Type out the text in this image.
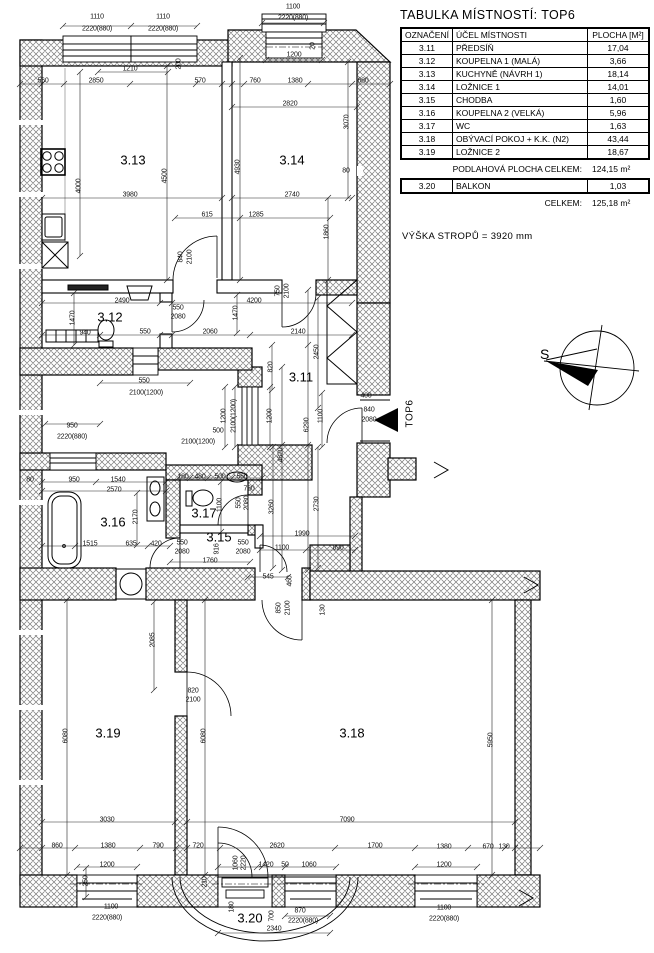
1110
2220(880)
1110
2220(880)
1100
2220(880)
1200
560	2850
1210
570	760	1380	680
2820
200
20
4000
4500
4930
3070
1860
80
3980	2740
615	1285
840 2100
750 2100
2490	4200
1470	1470
940	550
550
2080
2060	2140
2450
820
550
2100(1200)
1200 2100(1200)
500
2100(1200)
1200
6290
1100
4820
400
840
2080
950
2220(880)
80	950	1540
2570
180 480 500 560
760
1100
2170
550 2080
1515	635 420 550
2080	916
550
2080
1760
1990
1100	890
3260	2730
545 460
850 2100	130
2085
820
2100
6080	6080	5950
3030	7090
860	1380	790	720	2620	1700	1380	670 130
1200	1200
250	210
1060 2220 1420 50 1060
1100
2220(880)
180
700	870
2220(880)
2340
1100
2220(880)
3.13	3.14
3.12
3.11
3.16
3.17
3.15
3.19	3.18
3.20
TABULKA MÍSTNOSTÍ: TOP6
OZNAČENÍ	ÚČEL MÍSTNOSTI	PLOCHA [M²]
3.11	PŘEDSÍŇ	17,04
3.12	KOUPELNA 1 (MALÁ)	3,66
3.13	KUCHYNĚ (NÁVRH 1)	18,14
3.14	LOŽNICE 1	14,01
3.15	CHODBA	1,60
3.16	KOUPELNA 2 (VELKÁ)	5,96
3.17	WC	1,63
3.18	OBÝVACÍ POKOJ + K.K. (N2)	43,44
3.19	LOŽNICE 2	18,67
PODLAHOVÁ PLOCHA CELKEM: 124,15 m²
3.20	BALKON	1,03
CELKEM: 125,18 m²
VÝŠKA STROPŮ = 3920 mm
S
TOP6
